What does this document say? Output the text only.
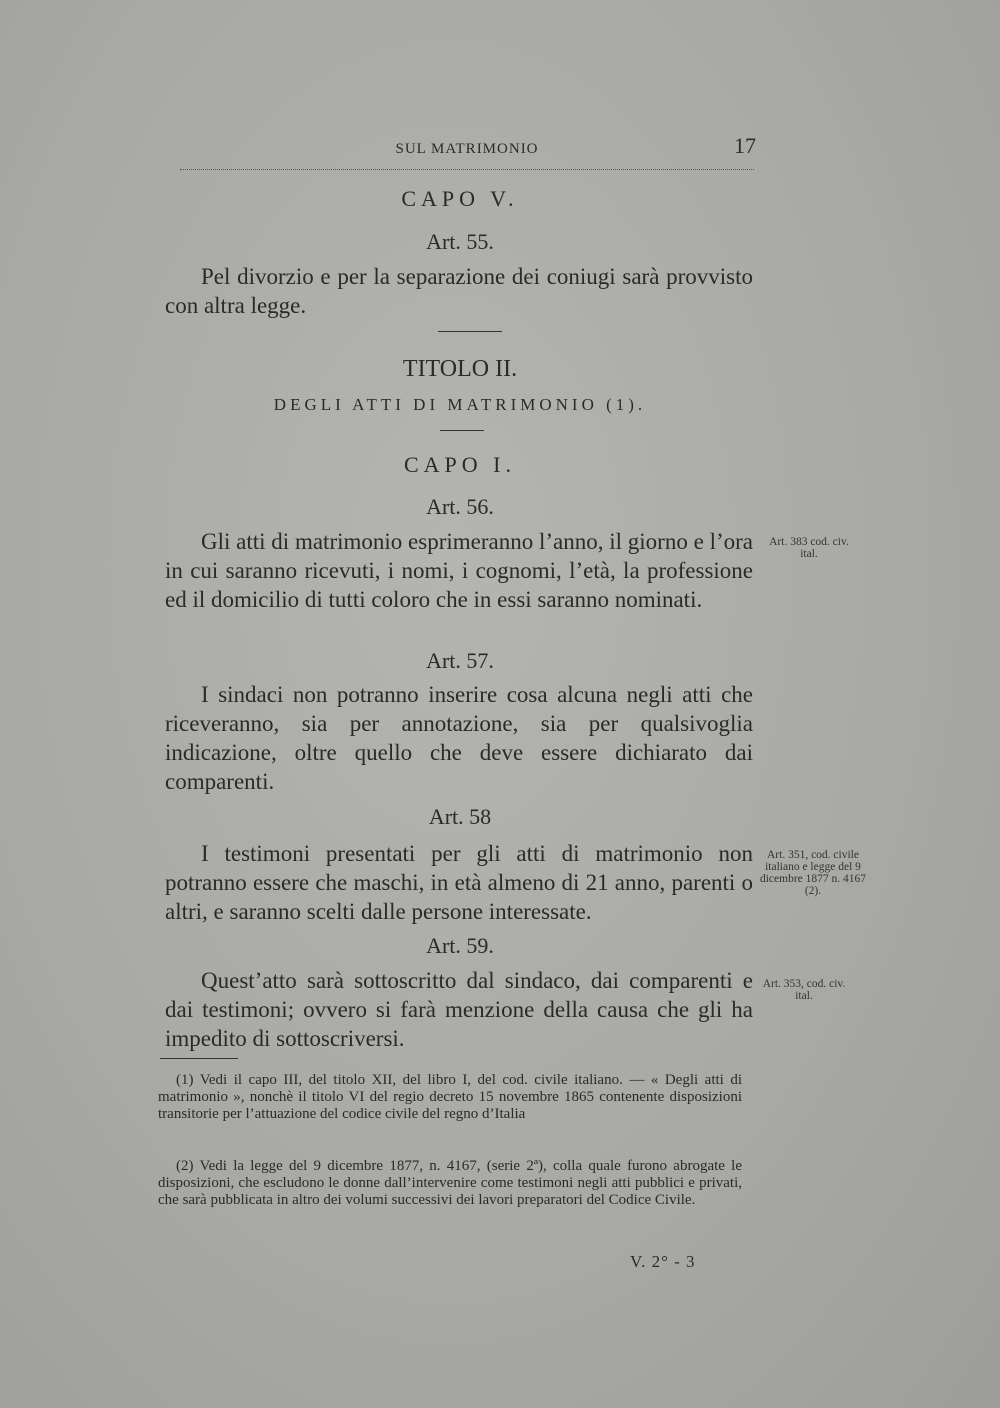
SUL MATRIMONIO	17
CAPO V.
Art. 55.
Pel divorzio e per la separazione dei coniugi sarà provvisto con altra legge.
TITOLO II.
DEGLI ATTI DI MATRIMONIO (1).
CAPO I.
Art. 56.
Gli atti di matrimonio esprimeranno l’anno, il giorno e l’ora in cui saranno ricevuti, i nomi, i cognomi, l’età, la professione ed il domicilio di tutti coloro che in essi saranno nominati.
Art. 383 cod. civ. ital.
Art. 57.
I sindaci non potranno inserire cosa alcuna negli atti che riceveranno, sia per annotazione, sia per qualsivoglia indicazione, oltre quello che deve essere dichiarato dai comparenti.
Art. 58
I testimoni presentati per gli atti di matrimonio non potranno essere che maschi, in età almeno di 21 anno, parenti o altri, e saranno scelti dalle persone interessate.
Art. 351, cod. civile italiano e legge del 9 dicembre 1877 n. 4167 (2).
Art. 59.
Quest’atto sarà sottoscritto dal sindaco, dai comparenti e dai testimoni; ovvero si farà menzione della causa che gli ha impedito di sottoscriversi.
Art. 353, cod. civ. ital.
(1) Vedi il capo III, del titolo XII, del libro I, del cod. civile italiano. — « Degli atti di matrimonio », nonchè il titolo VI del regio decreto 15 novembre 1865 contenente disposizioni transitorie per l’attuazione del codice civile del regno d’Italia
(2) Vedi la legge del 9 dicembre 1877, n. 4167, (serie 2ª), colla quale furono abrogate le disposizioni, che escludono le donne dall’intervenire come testimoni negli atti pubblici e privati, che sarà pubblicata in altro dei volumi successivi dei lavori preparatori del Codice Civile.
V. 2° - 3
